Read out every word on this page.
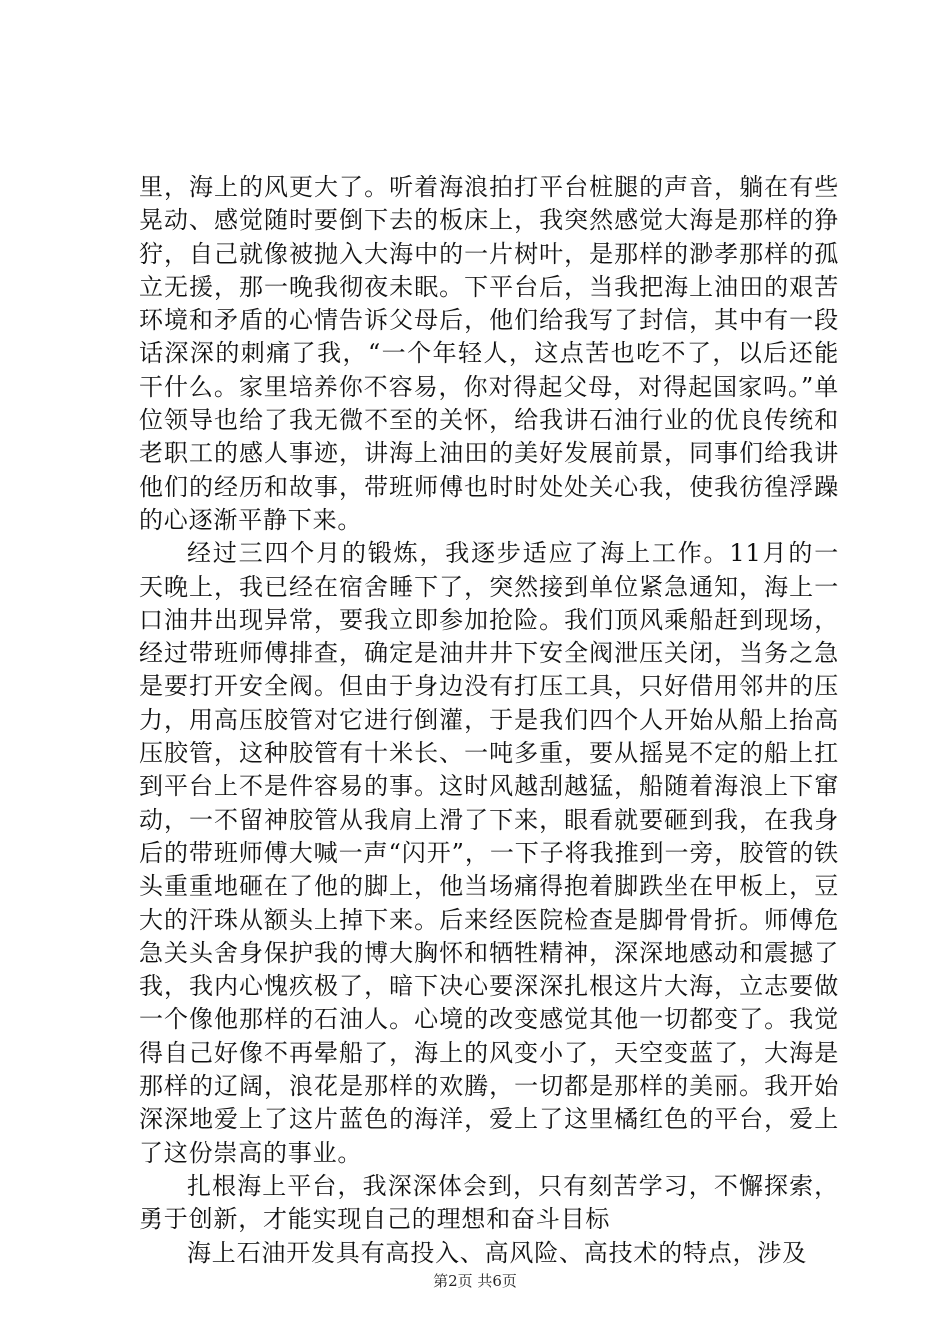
里，海上的风更大了。听着海浪拍打平台桩腿的声音，躺在有些晃动、感觉随时要倒下去的板床上，我突然感觉大海是那样的狰狞，自己就像被抛入大海中的一片树叶，是那样的渺孝那样的孤立无援，那一晚我彻夜未眠。下平台后，当我把海上油田的艰苦环境和矛盾的心情告诉父母后，他们给我写了封信，其中有一段话深深的刺痛了我，“一个年轻人，这点苦也吃不了，以后还能干什么。家里培养你不容易，你对得起父母，对得起国家吗。”单位领导也给了我无微不至的关怀，给我讲石油行业的优良传统和老职工的感人事迹，讲海上油田的美好发展前景，同事们给我讲他们的经历和故事，带班师傅也时时处处关心我，使我彷徨浮躁的心逐渐平静下来。

经过三四个月的锻炼，我逐步适应了海上工作。11月的一天晚上，我已经在宿舍睡下了，突然接到单位紧急通知，海上一口油井出现异常，要我立即参加抢险。我们顶风乘船赶到现场，经过带班师傅排查，确定是油井井下安全阀泄压关闭，当务之急是要打开安全阀。但由于身边没有打压工具，只好借用邻井的压力，用高压胶管对它进行倒灌，于是我们四个人开始从船上抬高压胶管，这种胶管有十米长、一吨多重，要从摇晃不定的船上扛到平台上不是件容易的事。这时风越刮越猛，船随着海浪上下窜动，一不留神胶管从我肩上滑了下来，眼看就要砸到我，在我身后的带班师傅大喊一声“闪开”，一下子将我推到一旁，胶管的铁头重重地砸在了他的脚上，他当场痛得抱着脚跌坐在甲板上，豆大的汗珠从额头上掉下来。后来经医院检查是脚骨骨折。师傅危急关头舍身保护我的博大胸怀和牺牲精神，深深地感动和震撼了我，我内心愧疚极了，暗下决心要深深扎根这片大海，立志要做一个像他那样的石油人。心境的改变感觉其他一切都变了。我觉得自己好像不再晕船了，海上的风变小了，天空变蓝了，大海是那样的辽阔，浪花是那样的欢腾，一切都是那样的美丽。我开始深深地爱上了这片蓝色的海洋，爱上了这里橘红色的平台，爱上了这份崇高的事业。

扎根海上平台，我深深体会到，只有刻苦学习，不懈探索，勇于创新，才能实现自己的理想和奋斗目标

海上石油开发具有高投入、高风险、高技术的特点，涉及

第2页 共6页
